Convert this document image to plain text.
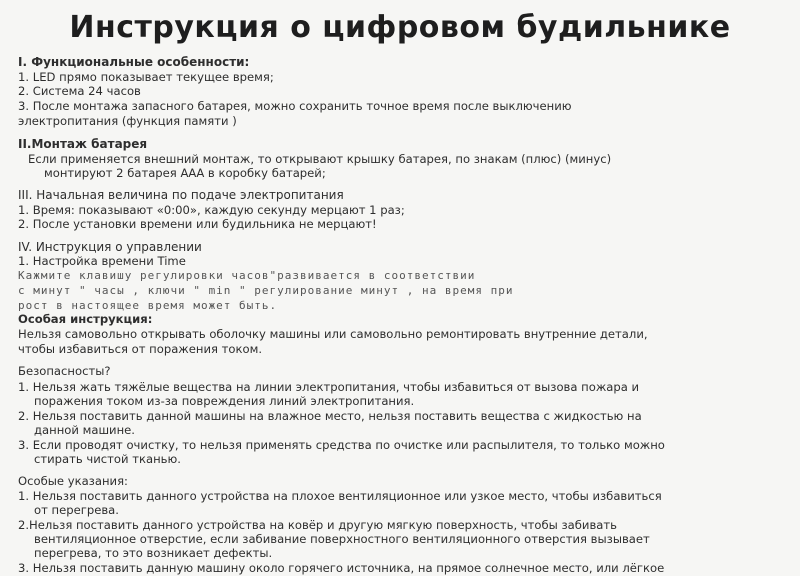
Инструкция о цифровом будильнике
I. Функциональные особенности:
1. LED прямо показывает текущее время;
2. Система 24 часов
3. После монтажа запасного батарея, можно сохранить точное время после выключению
электропитания (функция памяти )
II.Монтаж батарея
Если применяется внешний монтаж, то открывают крышку батарея, по знакам (плюс) (минус)
монтируют 2 батарея ААА в коробку батарей;
III. Начальная величина по подаче электропитания
1. Время: показывают «0:00», каждую секунду мерцают 1 раз;
2. После установки времени или будильника не мерцают!
IV. Инструкция о управлении
1. Настройка времени Time
Кажмите клавишу регулировки часов"развивается в соответствии
с минут " часы , ключи " min " регулирование минут , на время при
рост в настоящее время может быть.
Особая инструкция:
Нельзя самовольно открывать оболочку машины или самовольно ремонтировать внутренние детали,
чтобы избавиться от поражения током.
Безопасносты?
1. Нельзя жать тяжёлые вещества на линии электропитания, чтобы избавиться от вызова пожара и
поражения током из-за повреждения линий электропитания.
2. Нельзя поставить данной машины на влажное место, нельзя поставить вещества с жидкостью на
данной машине.
3. Если проводят очистку, то нельзя применять средства по очистке или распылителя, то только можно
стирать чистой тканью.
Особые указания:
1. Нельзя поставить данного устройства на плохое вентиляционное или узкое место, чтобы избавиться
от перегрева.
2.Нельзя поставить данного устройства на ковёр и другую мягкую поверхность, чтобы забивать
вентиляционное отверстие, если забивание поверхностного вентиляционного отверстия вызывает
перегрева, то это возникает дефекты.
3. Нельзя поставить данную машину около горячего источника, на прямое солнечное место, или лёгкое
